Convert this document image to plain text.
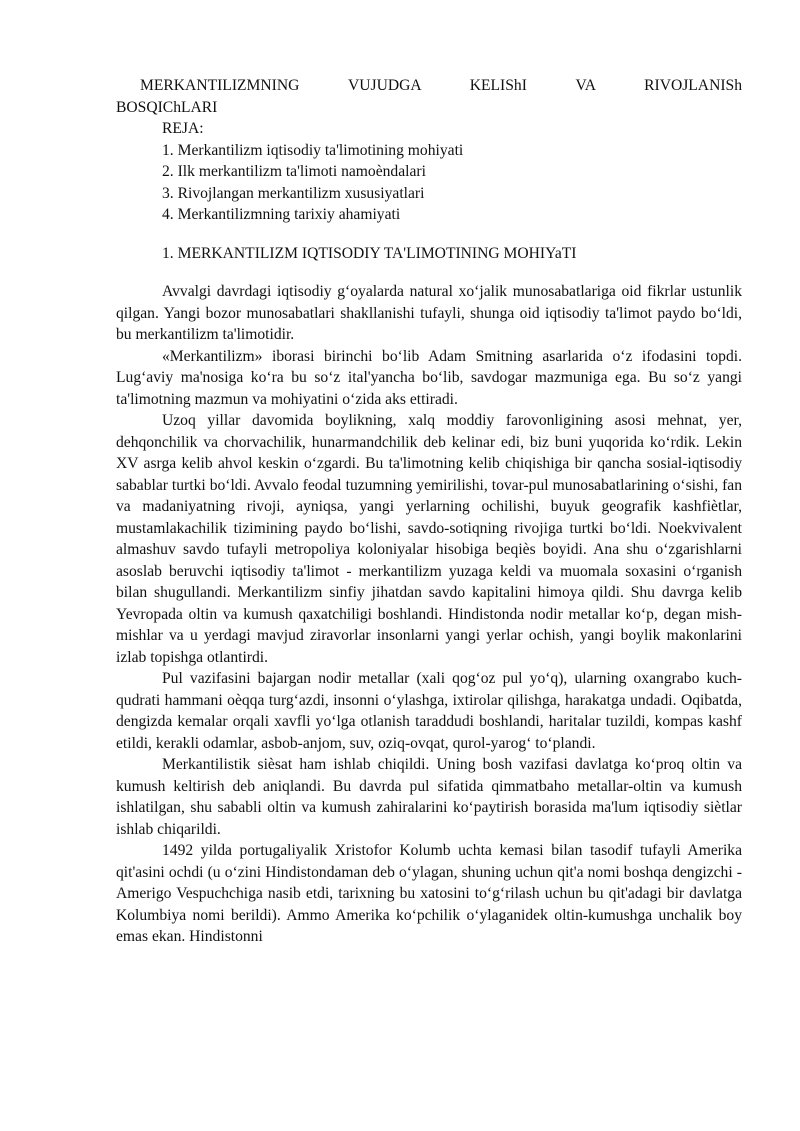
MERKANTILIZMNING VUJUDGA KELIShI VA RIVOJLANISh

BOSQIChLARI

REJA:
1. Merkantilizm iqtisodiy ta'limotining mohiyati
2. Ilk merkantilizm ta'limoti namoèndalari
3. Rivojlangan merkantilizm xususiyatlari
4. Merkantilizmning tarixiy ahamiyati
1. MERKANTILIZM IQTISODIY TA'LIMOTINING MOHIYaTI

Avvalgi davrdagi iqtisodiy g‘oyalarda natural xo‘jalik munosabatlariga oid fikrlar ustunlik qilgan. Yangi bozor munosabatlari shakllanishi tufayli, shunga oid iqtisodiy ta'limot paydo bo‘ldi, bu merkantilizm ta'limotidir.

«Merkantilizm» iborasi birinchi bo‘lib Adam Smitning asarlarida o‘z ifodasini topdi. Lug‘aviy ma'nosiga ko‘ra bu so‘z ital'yancha bo‘lib, savdogar mazmuniga ega. Bu so‘z yangi ta'limotning mazmun va mohiyatini o‘zida aks ettiradi.

Uzoq yillar davomida boylikning, xalq moddiy farovonligining asosi mehnat, yer, dehqonchilik va chorvachilik, hunarmandchilik deb kelinar edi, biz buni yuqorida ko‘rdik. Lekin XV asrga kelib ahvol keskin o‘zgardi. Bu ta'limotning kelib chiqishiga bir qancha sosial-iqtisodiy sabablar turtki bo‘ldi. Avvalo feodal tuzumning yemirilishi, tovar-pul munosabatlarining o‘sishi, fan va madaniyatning rivoji, ayniqsa, yangi yerlarning ochilishi, buyuk geografik kashfiètlar, mustamlakachilik tizimining paydo bo‘lishi, savdo-sotiqning rivojiga turtki bo‘ldi. Noekvivalent almashuv savdo tufayli metropoliya koloniyalar hisobiga beqiès boyidi. Ana shu o‘zgarishlarni asoslab beruvchi iqtisodiy ta'limot - merkantilizm yuzaga keldi va muomala soxasini o‘rganish bilan shugullandi. Merkantilizm sinfiy jihatdan savdo kapitalini himoya qildi. Shu davrga kelib Yevropada oltin va kumush qaxatchiligi boshlandi. Hindistonda nodir metallar ko‘p, degan mish-mishlar va u yerdagi mavjud ziravorlar insonlarni yangi yerlar ochish, yangi boylik makonlarini izlab topishga otlantirdi.

Pul vazifasini bajargan nodir metallar (xali qog‘oz pul yo‘q), ularning oxangrabo kuch-qudrati hammani oèqqa turg‘azdi, insonni o‘ylashga, ixtirolar qilishga, harakatga undadi. Oqibatda, dengizda kemalar orqali xavfli yo‘lga otlanish taraddudi boshlandi, haritalar tuzildi, kompas kashf etildi, kerakli odamlar, asbob-anjom, suv, oziq-ovqat, qurol-yarog‘ to‘plandi.

Merkantilistik sièsat ham ishlab chiqildi. Uning bosh vazifasi davlatga ko‘proq oltin va kumush keltirish deb aniqlandi. Bu davrda pul sifatida qimmatbaho metallar-oltin va kumush ishlatilgan, shu sababli oltin va kumush zahiralarini ko‘paytirish borasida ma'lum iqtisodiy siètlar ishlab chiqarildi.

1492 yilda portugaliyalik Xristofor Kolumb uchta kemasi bilan tasodif tufayli Amerika qit'asini ochdi (u o‘zini Hindistondaman deb o‘ylagan, shuning uchun qit'a nomi boshqa dengizchi - Amerigo Vespuchchiga nasib etdi, tarixning bu xatosini to‘g‘rilash uchun bu qit'adagi bir davlatga Kolumbiya nomi berildi). Ammo Amerika ko‘pchilik o‘ylaganidek oltin-kumushga unchalik boy emas ekan. Hindistonni
